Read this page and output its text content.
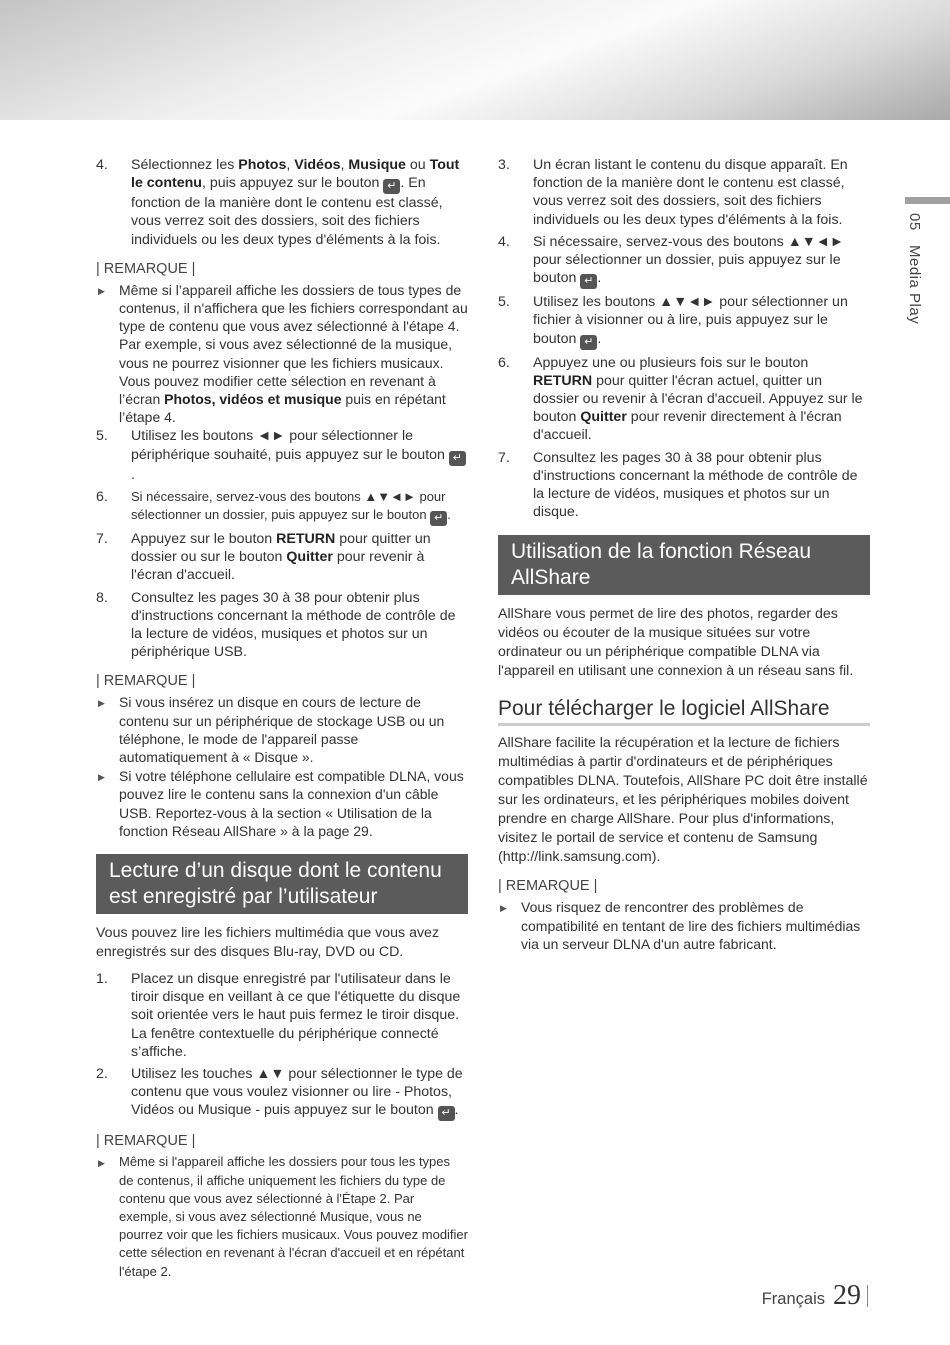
05Media Play
4.	Sélectionnez les Photos, Vidéos, Musique ou Tout le contenu, puis appuyez sur le bouton ↵ . En fonction de la manière dont le contenu est classé, vous verrez soit des dossiers, soit des fichiers individuels ou les deux types d'éléments à la fois.
| REMARQUE |
▶	Même si l’appareil affiche les dossiers de tous types de contenus, il n'affichera que les fichiers correspondant au type de contenu que vous avez sélectionné à l'étape 4. Par exemple, si vous avez sélectionné de la musique, vous ne pourrez visionner que les fichiers musicaux. Vous pouvez modifier cette sélection en revenant à l’écran Photos, vidéos et musique puis en répétant l’étape 4.
5.	Utilisez les boutons ◄► pour sélectionner le périphérique souhaité, puis appuyez sur le bouton ↵.
6.	Si nécessaire, servez-vous des boutons ▲▼◄► pour sélectionner un dossier, puis appuyez sur le bouton ↵ .
7.	Appuyez sur le bouton RETURN pour quitter un dossier ou sur le bouton Quitter pour revenir à l'écran d'accueil.
8.	Consultez les pages 30 à 38 pour obtenir plus d'instructions concernant la méthode de contrôle de la lecture de vidéos, musiques et photos sur un périphérique USB.
| REMARQUE |
▶	Si vous insérez un disque en cours de lecture de contenu sur un périphérique de stockage USB ou un téléphone, le mode de l'appareil passe automatiquement à « Disque ».
▶	Si votre téléphone cellulaire est compatible DLNA, vous pouvez lire le contenu sans la connexion d'un câble USB. Reportez-vous à la section « Utilisation de la fonction Réseau AllShare » à la page 29.
Lecture d’un disque dont le contenu est enregistré par l’utilisateur
Vous pouvez lire les fichiers multimédia que vous avez enregistrés sur des disques Blu-ray, DVD ou CD.
1.	Placez un disque enregistré par l'utilisateur dans le tiroir disque en veillant à ce que l'étiquette du disque soit orientée vers le haut puis fermez le tiroir disque. La fenêtre contextuelle du périphérique connecté s’affiche.
2.	Utilisez les touches ▲▼ pour sélectionner le type de contenu que vous voulez visionner ou lire - Photos, Vidéos ou Musique - puis appuyez sur le bouton ↵ .
| REMARQUE |
▶	Même si l'appareil affiche les dossiers pour tous les types de contenus, il affiche uniquement les fichiers du type de contenu que vous avez sélectionné à l'Étape 2. Par exemple, si vous avez sélectionné Musique, vous ne pourrez voir que les fichiers musicaux. Vous pouvez modifier cette sélection en revenant à l'écran d'accueil et en répétant l'étape 2.
3.	Un écran listant le contenu du disque apparaît. En fonction de la manière dont le contenu est classé, vous verrez soit des dossiers, soit des fichiers individuels ou les deux types d'éléments à la fois.
4.	Si nécessaire, servez-vous des boutons ▲▼◄► pour sélectionner un dossier, puis appuyez sur le bouton ↵ .
5.	Utilisez les boutons ▲▼◄► pour sélectionner un fichier à visionner ou à lire, puis appuyez sur le bouton ↵ .
6.	Appuyez une ou plusieurs fois sur le bouton RETURN pour quitter l'écran actuel, quitter un dossier ou revenir à l'écran d'accueil. Appuyez sur le bouton Quitter pour revenir directement à l'écran d'accueil.
7.	Consultez les pages 30 à 38 pour obtenir plus d'instructions concernant la méthode de contrôle de la lecture de vidéos, musiques et photos sur un disque.
Utilisation de la fonction Réseau AllShare
AllShare vous permet de lire des photos, regarder des vidéos ou écouter de la musique situées sur votre ordinateur ou un périphérique compatible DLNA via l'appareil en utilisant une connexion à un réseau sans fil.
Pour télécharger le logiciel AllShare
AllShare facilite la récupération et la lecture de fichiers multimédias à partir d'ordinateurs et de périphériques compatibles DLNA. Toutefois, AllShare PC doit être installé sur les ordinateurs, et les périphériques mobiles doivent prendre en charge AllShare. Pour plus d'informations, visitez le portail de service et contenu de Samsung (http://link.samsung.com).
| REMARQUE |
▶	Vous risquez de rencontrer des problèmes de compatibilité en tentant de lire des fichiers multimédias via un serveur DLNA d'un autre fabricant.
Français 29
